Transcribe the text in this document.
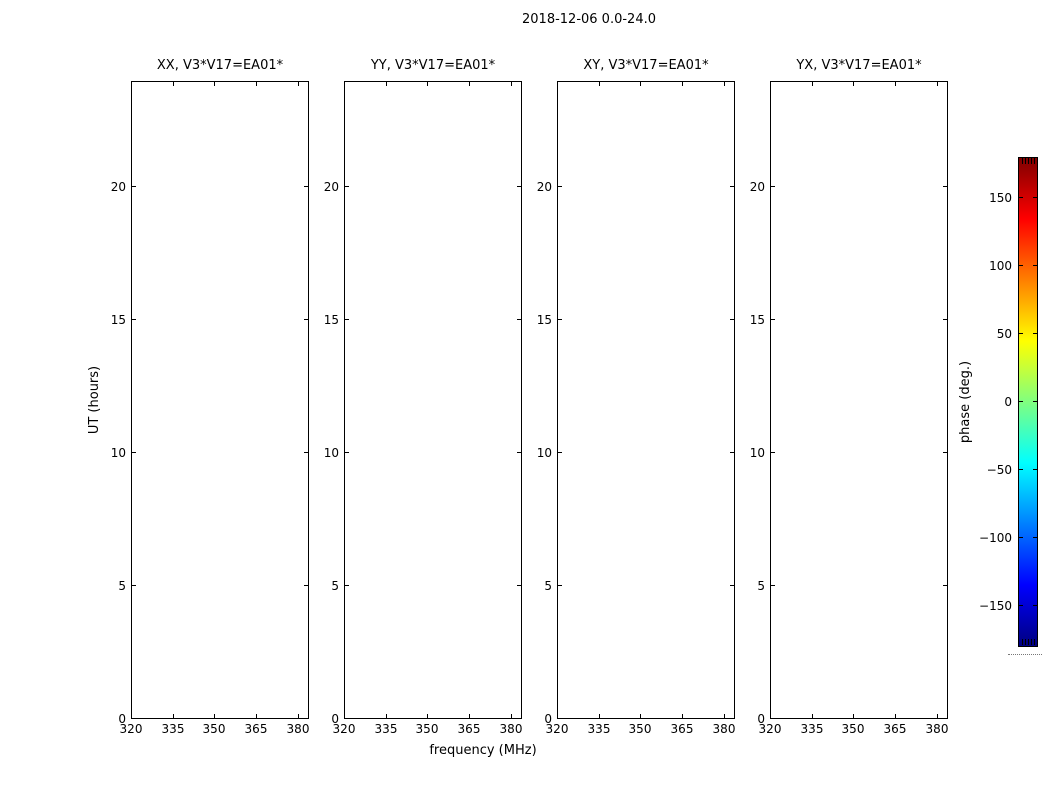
2018-12-06 0.0-24.0
UT (hours)
frequency (MHz)
phase (deg.)
XX, V3*V17=EA01*
320	335	350	365	380
0
5
10
15
20
YY, V3*V17=EA01*
320	335	350	365	380
0
5
10
15
20
XY, V3*V17=EA01*
320	335	350	365	380
0
5
10
15
20
YX, V3*V17=EA01*
320	335	350	365	380
0
5
10
15
20
150
100
50
0
−50
−100
−150
